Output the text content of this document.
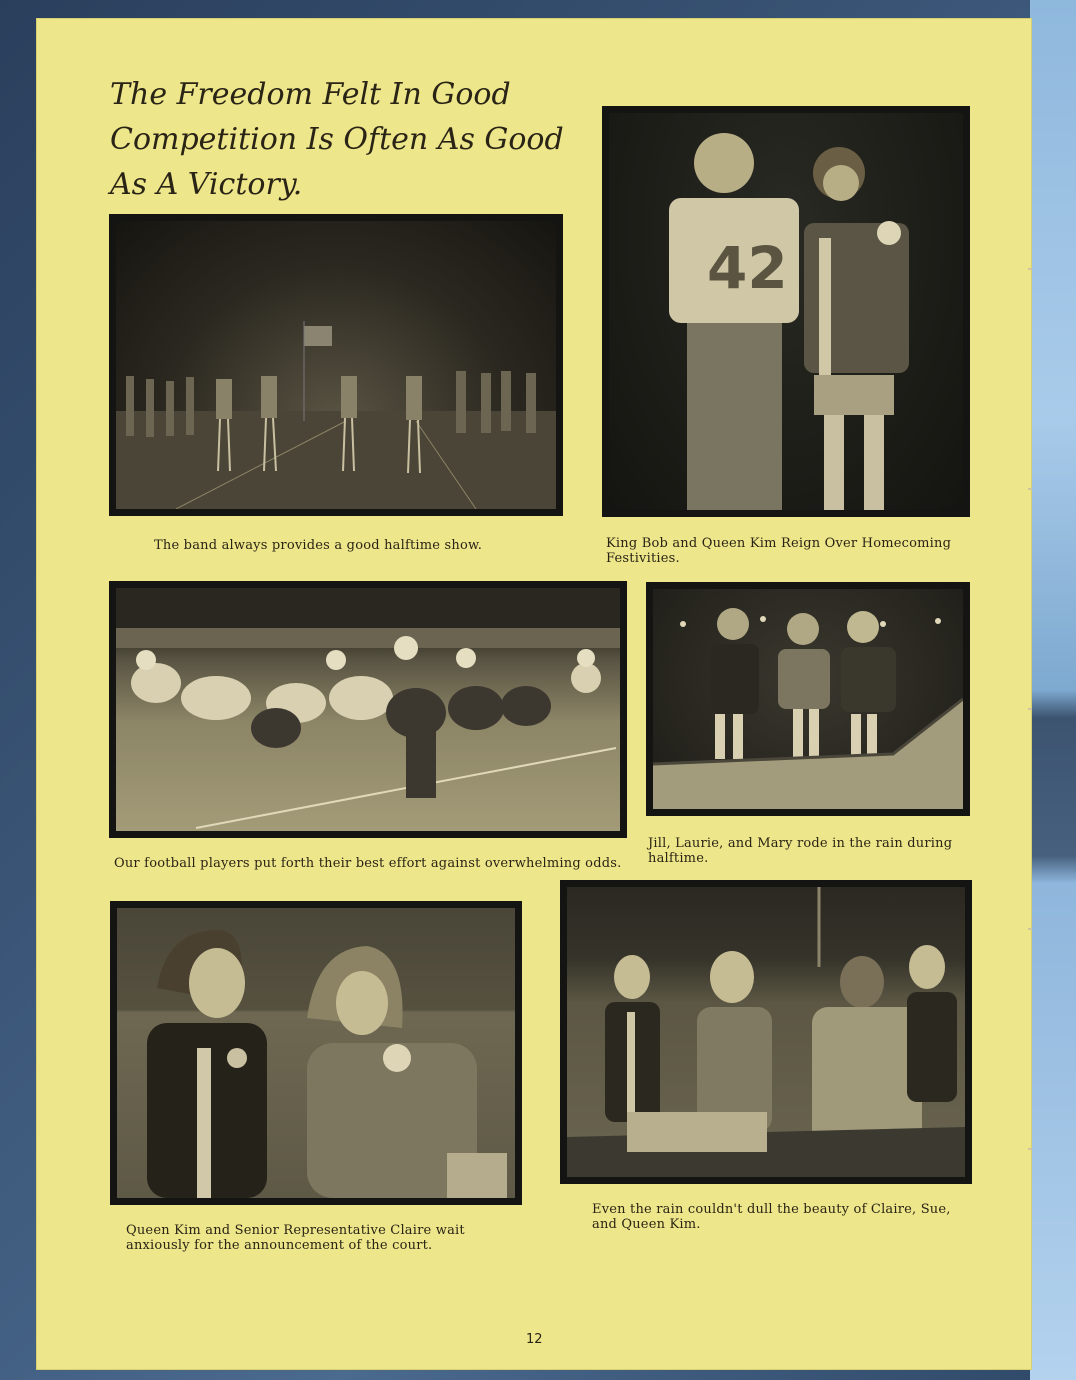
The Freedom Felt In Good Competition Is Often As Good As A Victory.

The band always provides a good halftime show.

42

King Bob and Queen Kim Reign Over Homecoming Festivities.

Our football players put forth their best effort against overwhelming odds.

Jill, Laurie, and Mary rode in the rain during halftime.

Queen Kim and Senior Representative Claire wait anxiously for the announcement of the court.

Even the rain couldn't dull the beauty of Claire, Sue, and Queen Kim.

12
